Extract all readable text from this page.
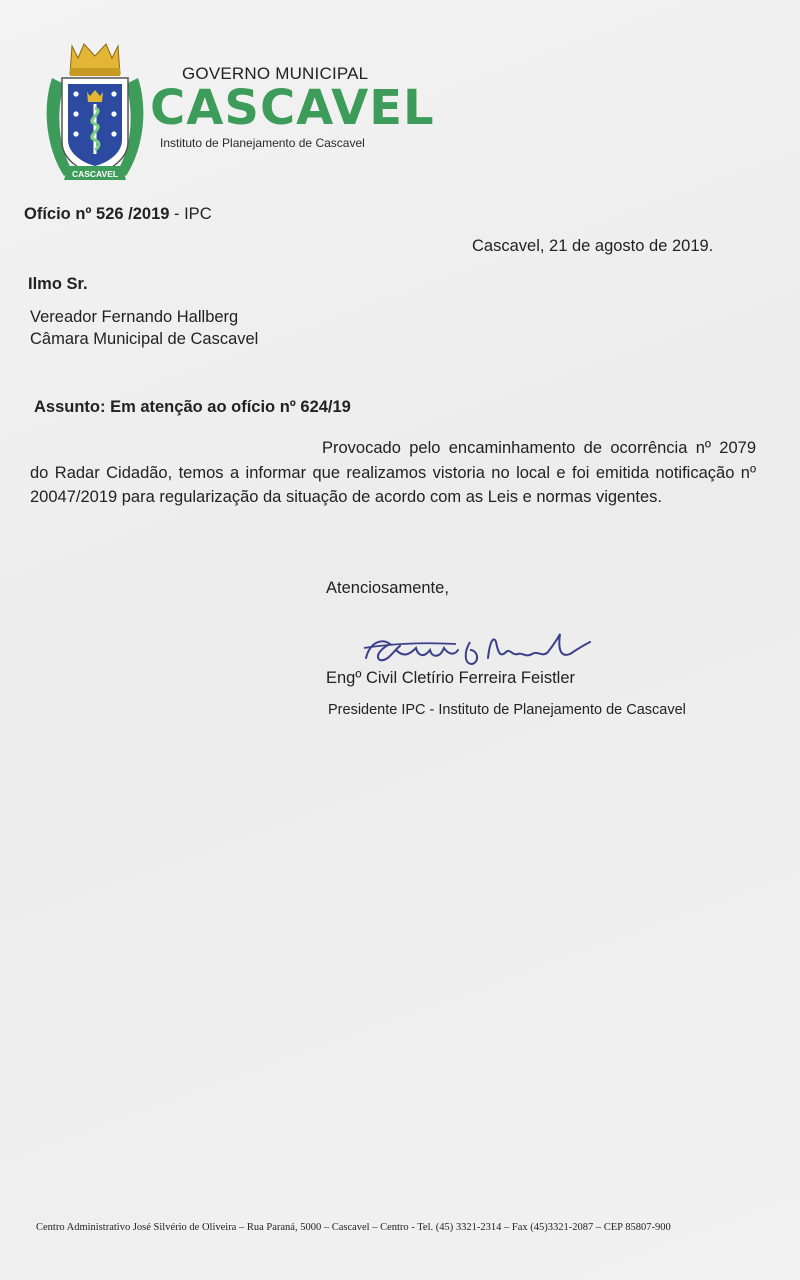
CASCAVEL
GOVERNO MUNICIPAL
CASCAVEL
Instituto de Planejamento de Cascavel
Ofício nº 526 /2019 - IPC
Cascavel, 21 de agosto de 2019.
Ilmo Sr.
Vereador Fernando Hallberg
Câmara Municipal de Cascavel
Assunto: Em atenção ao ofício nº 624/19

Provocado pelo encaminhamento de ocorrência nº 2079 do Radar Cidadão, temos a informar que realizamos vistoria no local e foi emitida notificação nº 20047/2019 para regularização da situação de acordo com as Leis e normas vigentes.

Atenciosamente,
Engº Civil Cletírio Ferreira Feistler
Presidente IPC - Instituto de Planejamento de Cascavel
Centro Administrativo José Silvério de Oliveira – Rua Paraná, 5000 – Cascavel – Centro - Tel. (45) 3321-2314 – Fax (45)3321-2087 – CEP 85807-900
